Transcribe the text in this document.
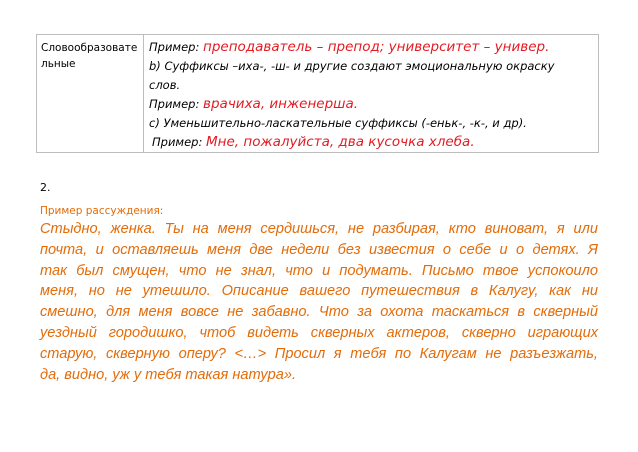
Словообразовательные
Пример: преподаватель – препод; университет – универ.
b) Суффиксы –иха-, -ш- и другие создают эмоциональную окраску
слов.
Пример: врачиха, инженерша.
c) Уменьшительно-ласкательные суффиксы (-еньк-, -к-, и др).
Пример: Мне, пожалуйста, два кусочка хлеба.
2.
Пример рассуждения:
Стыдно, женка. Ты на меня сердишься, не разбирая, кто виноват, я или
почта, и оставляешь меня две недели без известия о себе и о детях. Я
так был смущен, что не знал, что и подумать. Письмо твое успокоило
меня, но не утешило. Описание вашего путешествия в Калугу, как ни
смешно, для меня вовсе не забавно. Что за охота таскаться в скверный
уездный городишко, чтоб видеть скверных актеров, скверно играющих
старую, скверную оперу? <…> Просил я тебя по Калугам не разъезжать,
да, видно, уж у тебя такая натура».
